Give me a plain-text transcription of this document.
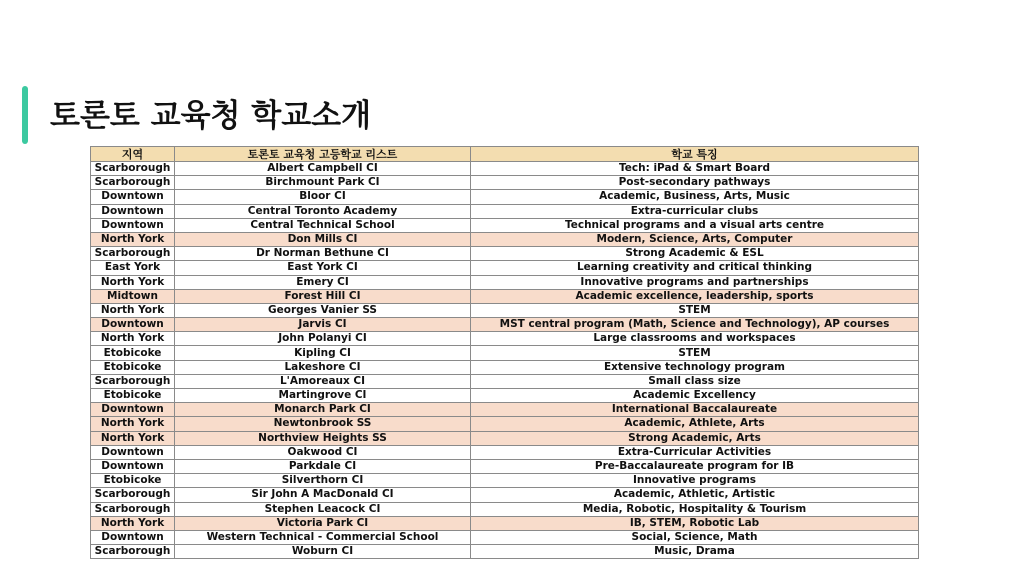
토론토 교육청 학교소개
지역	토론토 교육청 고등학교 리스트	학교 특징
Scarborough	Albert Campbell CI	Tech: iPad & Smart Board
Scarborough	Birchmount Park CI	Post-secondary pathways
Downtown	Bloor CI	Academic, Business, Arts, Music
Downtown	Central Toronto Academy	Extra-curricular clubs
Downtown	Central Technical School	Technical programs and a visual arts centre
North York	Don Mills CI	Modern, Science, Arts, Computer
Scarborough	Dr Norman Bethune CI	Strong Academic & ESL
East York	East York CI	Learning creativity and critical thinking
North York	Emery CI	Innovative programs and partnerships
Midtown	Forest Hill CI	Academic excellence, leadership, sports
North York	Georges Vanier SS	STEM
Downtown	Jarvis CI	MST central program (Math, Science and Technology), AP courses
North York	John Polanyi CI	Large classrooms and workspaces
Etobicoke	Kipling CI	STEM
Etobicoke	Lakeshore CI	Extensive technology program
Scarborough	L'Amoreaux CI	Small class size
Etobicoke	Martingrove CI	Academic Excellency
Downtown	Monarch Park CI	International Baccalaureate
North York	Newtonbrook SS	Academic, Athlete, Arts
North York	Northview Heights SS	Strong Academic, Arts
Downtown	Oakwood CI	Extra-Curricular Activities
Downtown	Parkdale CI	Pre-Baccalaureate program for IB
Etobicoke	Silverthorn CI	Innovative programs
Scarborough	Sir John A MacDonald CI	Academic, Athletic, Artistic
Scarborough	Stephen Leacock CI	Media, Robotic, Hospitality & Tourism
North York	Victoria Park CI	IB, STEM, Robotic Lab
Downtown	Western Technical - Commercial School	Social, Science, Math
Scarborough	Woburn CI	Music, Drama
